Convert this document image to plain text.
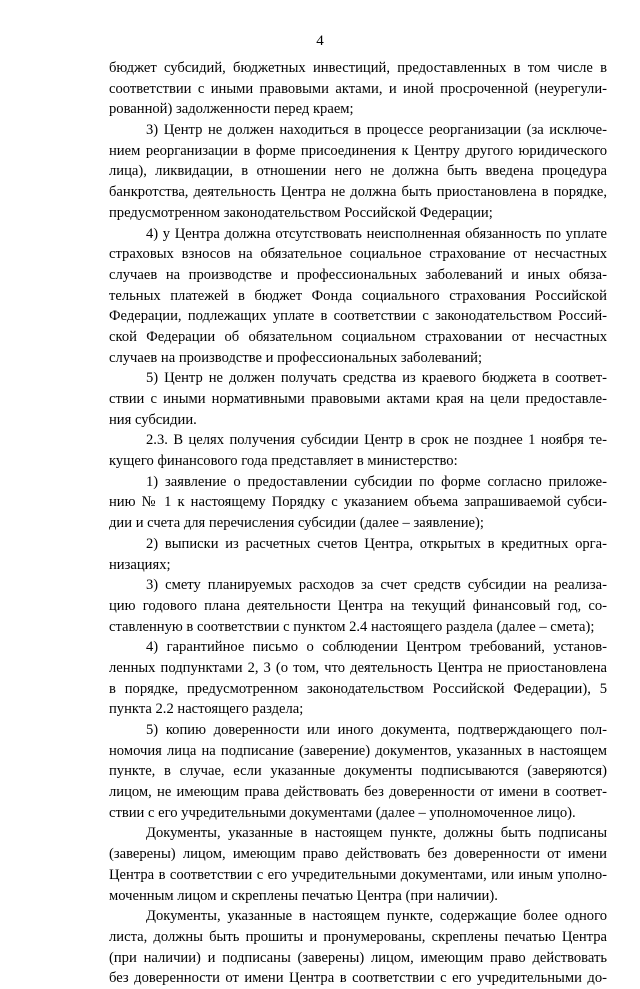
4
бюджет субсидий, бюджетных инвестиций, предоставленных в том числе в
соответствии с иными правовыми актами, и иной просроченной (неурегули-
рованной) задолженности перед краем;
3) Центр не должен находиться в процессе реорганизации (за исключе-
нием реорганизации в форме присоединения к Центру другого юридического
лица), ликвидации, в отношении него не должна быть введена процедура
банкротства, деятельность Центра не должна быть приостановлена в порядке,
предусмотренном законодательством Российской Федерации;
4) у Центра должна отсутствовать неисполненная обязанность по уплате
страховых взносов на обязательное социальное страхование от несчастных
случаев на производстве и профессиональных заболеваний и иных обяза-
тельных платежей в бюджет Фонда социального страхования Российской
Федерации, подлежащих уплате в соответствии с законодательством Россий-
ской Федерации об обязательном социальном страховании от несчастных
случаев на производстве и профессиональных заболеваний;
5) Центр не должен получать средства из краевого бюджета в соответ-
ствии с иными нормативными правовыми актами края на цели предоставле-
ния субсидии.
2.3. В целях получения субсидии Центр в срок не позднее 1 ноября те-
кущего финансового года представляет в министерство:
1) заявление о предоставлении субсидии по форме согласно приложе-
нию № 1 к настоящему Порядку с указанием объема запрашиваемой субси-
дии и счета для перечисления субсидии (далее – заявление);
2) выписки из расчетных счетов Центра, открытых в кредитных орга-
низациях;
3) смету планируемых расходов за счет средств субсидии на реализа-
цию годового плана деятельности Центра на текущий финансовый год, со-
ставленную в соответствии с пунктом 2.4 настоящего раздела (далее – смета);
4) гарантийное письмо о соблюдении Центром требований, установ-
ленных подпунктами 2, 3 (о том, что деятельность Центра не приостановлена
в порядке, предусмотренном законодательством Российской Федерации), 5
пункта 2.2 настоящего раздела;
5) копию доверенности или иного документа, подтверждающего пол-
номочия лица на подписание (заверение) документов, указанных в настоящем
пункте, в случае, если указанные документы подписываются (заверяются)
лицом, не имеющим права действовать без доверенности от имени в соответ-
ствии с его учредительными документами (далее – уполномоченное лицо).
Документы, указанные в настоящем пункте, должны быть подписаны
(заверены) лицом, имеющим право действовать без доверенности от имени
Центра в соответствии с его учредительными документами, или иным уполно-
моченным лицом и скреплены печатью Центра (при наличии).
Документы, указанные в настоящем пункте, содержащие более одного
листа, должны быть прошиты и пронумерованы, скреплены печатью Центра
(при наличии) и подписаны (заверены) лицом, имеющим право действовать
без доверенности от имени Центра в соответствии с его учредительными до-
